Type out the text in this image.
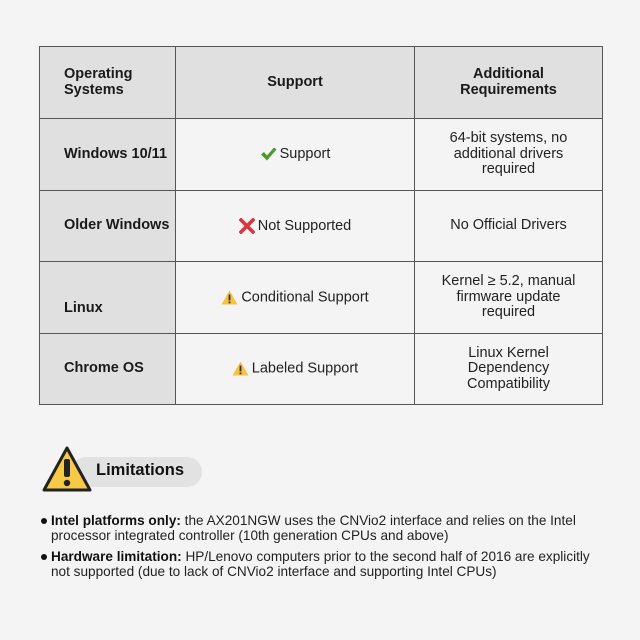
Operating Systems	Support	Additional Requirements
Windows 10/11	Support	64-bit systems, no additional drivers required
Older Windows	Not Supported	No Official Drivers
Linux	Conditional Support	Kernel ≥ 5.2, manual firmware update required
Chrome OS	Labeled Support	Linux Kernel Dependency Compatibility
Limitations
Intel platforms only: the AX201NGW uses the CNVio2 interface and relies on the Intel processor integrated controller (10th generation CPUs and above)
Hardware limitation: HP/Lenovo computers prior to the second half of 2016 are explicitly not supported (due to lack of CNVio2 interface and supporting Intel CPUs)
